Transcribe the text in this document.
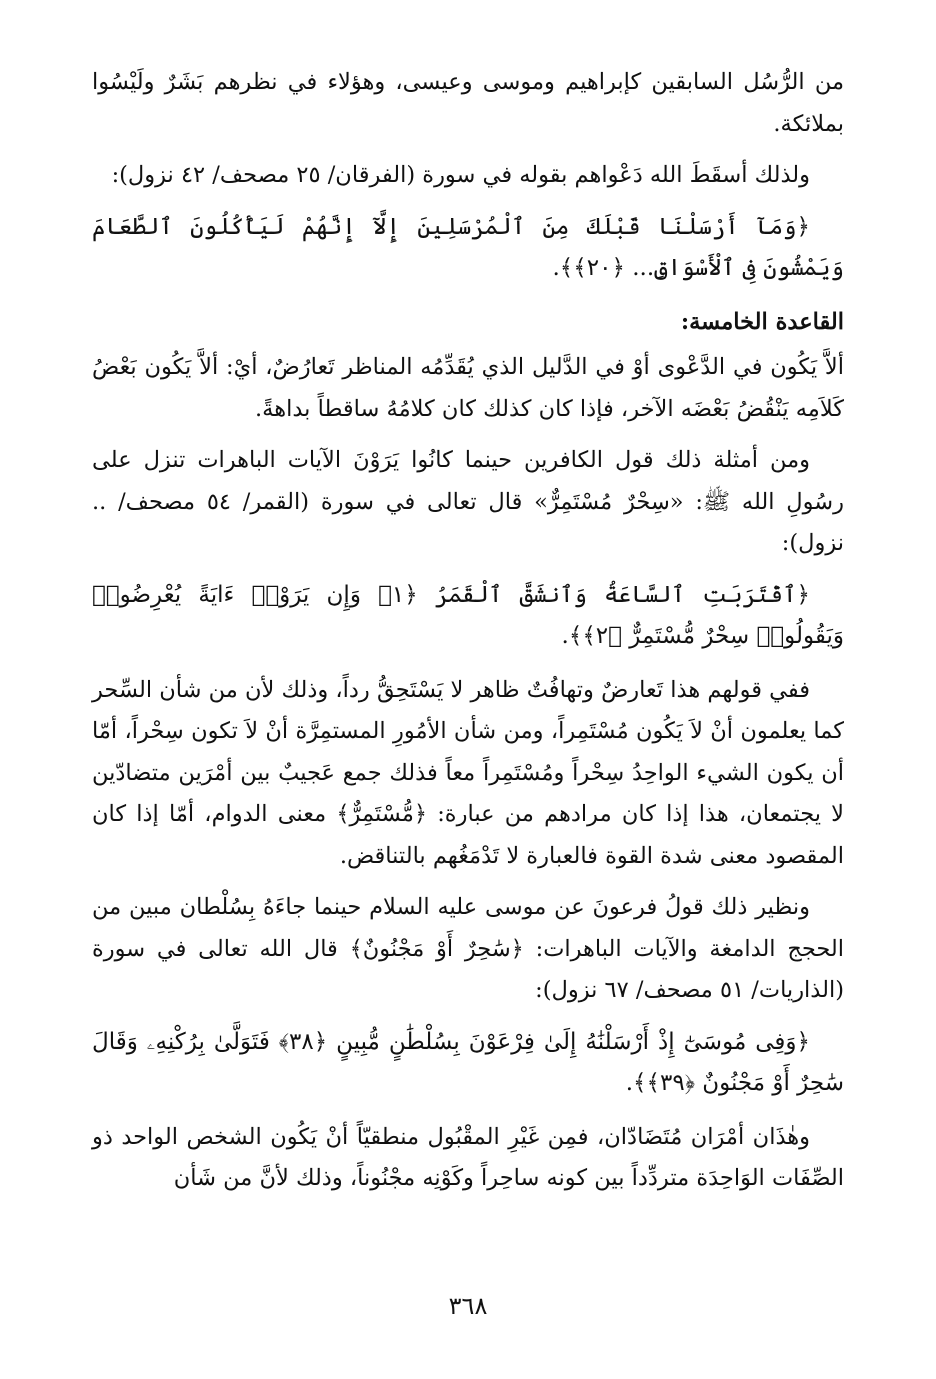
من الرُّسُل السابقين كإبراهيم وموسى وعيسى، وهؤلاء في نظرهم بَشَرٌ ولَيْسُوا بملائكة.

ولذلك أسقَطَ الله دَعْواهم بقوله في سورة (الفرقان/ ٢٥ مصحف/ ٤٢ نزول):

﴿وَمَآ أَرْسَلْنَا قَبْلَكَ مِنَ ٱلْمُرْسَلِينَ إِلَّآ إِنَّهُمْ لَيَأْكُلُونَ ٱلطَّعَامَ وَيَمْشُونَ فِى ٱلْأَسْوَاقِ... ﴿٢٠﴾﴾.

القاعدة الخامسة:

ألاَّ يَكُون في الدَّعْوى أوْ في الدَّليل الذي يُقَدِّمُه المناظر تَعارُضٌ، أيْ: ألاَّ يَكُون بَعْضُ كَلاَمِه يَنْقُضُ بَعْضَه الآخر، فإذا كان كذلك كان كلامُهُ ساقطاً بداهةً.

ومن أمثلة ذلك قول الكافرين حينما كانُوا يَرَوْنَ الآيات الباهرات تنزل على رسُولِ الله ﷺ: «سِحْرٌ مُسْتَمِرٌّ» قال تعالى في سورة (القمر/ ٥٤ مصحف/ .. نزول):

﴿ٱقْتَرَبَتِ ٱلسَّاعَةُ وَٱنشَقَّ ٱلْقَمَرُ ﴿١﴾ وَإِن يَرَوْا۟ ءَايَةً يُعْرِضُوا۟ وَيَقُولُوا۟ سِحْرٌ مُّسْتَمِرٌّ ﴿٢﴾﴾.

ففي قولهم هذا تَعارضٌ وتهافُتٌ ظاهر لا يَسْتَحِقُّ رداً، وذلك لأن من شأن السِّحر كما يعلمون أنْ لاَ يَكُون مُسْتَمِراً، ومن شأن الأمُورِ المستمِرَّة أنْ لاَ تكون سِحْراً، أمّا أن يكون الشيء الواحِدُ سِحْراً ومُسْتَمِراً معاً فذلك جمع عَجيبٌ بين أمْرَين متضادّين لا يجتمعان، هذا إذا كان مرادهم من عبارة: ﴿مُّسْتَمِرٌّ﴾ معنى الدوام، أمّا إذا كان المقصود معنى شدة القوة فالعبارة لا تَدْمَغُهم بالتناقض.

ونظير ذلك قولُ فرعونَ عن موسى عليه السلام حينما جاءَهُ بِسُلْطان مبين من الحجج الدامغة والآيات الباهرات: ﴿سَٰحِرٌ أَوْ مَجْنُونٌ﴾ قال الله تعالى في سورة (الذاريات/ ٥١ مصحف/ ٦٧ نزول):

﴿وَفِى مُوسَىٰٓ إِذْ أَرْسَلْنَٰهُ إِلَىٰ فِرْعَوْنَ بِسُلْطَٰنٍ مُّبِينٍ ﴿٣٨﴾ فَتَوَلَّىٰ بِرُكْنِهِۦ وَقَالَ سَٰحِرٌ أَوْ مَجْنُونٌ ﴿٣٩﴾﴾.

وهٰذَان أمْرَان مُتَضَادّان، فمِن غَيْرِ المقْبُول منطقيّاً أنْ يَكُون الشخص الواحد ذو الصِّفَات الوَاحِدَة متردِّداً بين كونه ساحِراً وكَوْنِه مجْنُوناً، وذلك لأنَّ من شَأن

٣٦٨
